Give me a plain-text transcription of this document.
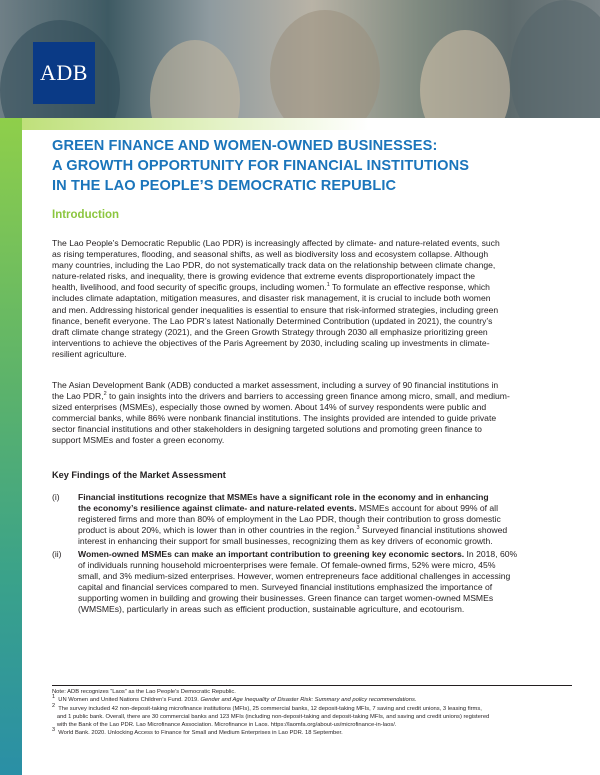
ADB
GREEN FINANCE AND WOMEN-OWNED BUSINESSES:
A GROWTH OPPORTUNITY FOR FINANCIAL INSTITUTIONS
IN THE LAO PEOPLE’S DEMOCRATIC REPUBLIC
Introduction
The Lao People’s Democratic Republic (Lao PDR) is increasingly affected by climate- and nature-related events, such
as rising temperatures, flooding, and seasonal shifts, as well as biodiversity loss and ecosystem collapse. Although
many countries, including the Lao PDR, do not systematically track data on the relationship between climate change,
nature-related risks, and inequality, there is growing evidence that extreme events disproportionately impact the
health, livelihood, and food security of specific groups, including women.$^1$ To formulate an effective response, which
includes climate adaptation, mitigation measures, and disaster risk management, it is crucial to include both women
and men. Addressing historical gender inequalities is essential to ensure that risk-informed strategies, including green
finance, benefit everyone. The Lao PDR’s latest Nationally Determined Contribution (updated in 2021), the country’s
draft climate change strategy (2021), and the Green Growth Strategy through 2030 all emphasize prioritizing green
interventions to achieve the objectives of the Paris Agreement by 2030, including scaling up investments in climate-
resilient agriculture.
The Asian Development Bank (ADB) conducted a market assessment, including a survey of 90 financial institutions in
the Lao PDR,$^2$ to gain insights into the drivers and barriers to accessing green finance among micro, small, and medium-
sized enterprises (MSMEs), especially those owned by women. About 14% of survey respondents were public and
commercial banks, while 86% were nonbank financial institutions. The insights provided are intended to guide private
sector financial institutions and other stakeholders in designing targeted solutions and promoting green finance to
support MSMEs and foster a green economy.
Key Findings of the Market Assessment
(i)	Financial institutions recognize that MSMEs have a significant role in the economy and in enhancing
the economy’s resilience against climate- and nature-related events. MSMEs account for about 99% of all
registered firms and more than 80% of employment in the Lao PDR, though their contribution to gross domestic
product is about 20%, which is lower than in other countries in the region.$^3$ Surveyed financial institutions showed
interest in enhancing their support for small businesses, recognizing them as key drivers of economic growth.
(ii)	Women-owned MSMEs can make an important contribution to greening key economic sectors. In 2018, 60%
of individuals running household microenterprises were female. Of female-owned firms, 52% were micro, 45%
small, and 3% medium-sized enterprises. However, women entrepreneurs face additional challenges in accessing
capital and financial services compared to men. Surveyed financial institutions emphasized the importance of
supporting women in building and growing their businesses. Green finance can target women-owned MSMEs
(WMSMEs), particularly in areas such as efficient production, sustainable agriculture, and ecotourism.
Note: ADB recognizes “Laos” as the Lao People’s Democratic Republic.
$^1$ UN Women and United Nations Children’s Fund. 2019. Gender and Age Inequality of Disaster Risk: Summary and policy recommendations.
$^2$ The survey included 42 non-deposit-taking microfinance institutions (MFIs), 25 commercial banks, 12 deposit-taking MFIs, 7 saving and credit unions, 3 leasing firms,
and 1 public bank. Overall, there are 30 commercial banks and 123 MFIs (including non-deposit-taking and deposit-taking MFIs, and saving and credit unions) registered
with the Bank of the Lao PDR. Lao Microfinance Association. Microfinance in Laos. https://laomfa.org/about-us/microfinance-in-laos/.
$^3$ World Bank. 2020. Unlocking Access to Finance for Small and Medium Enterprises in Lao PDR. 18 September.
